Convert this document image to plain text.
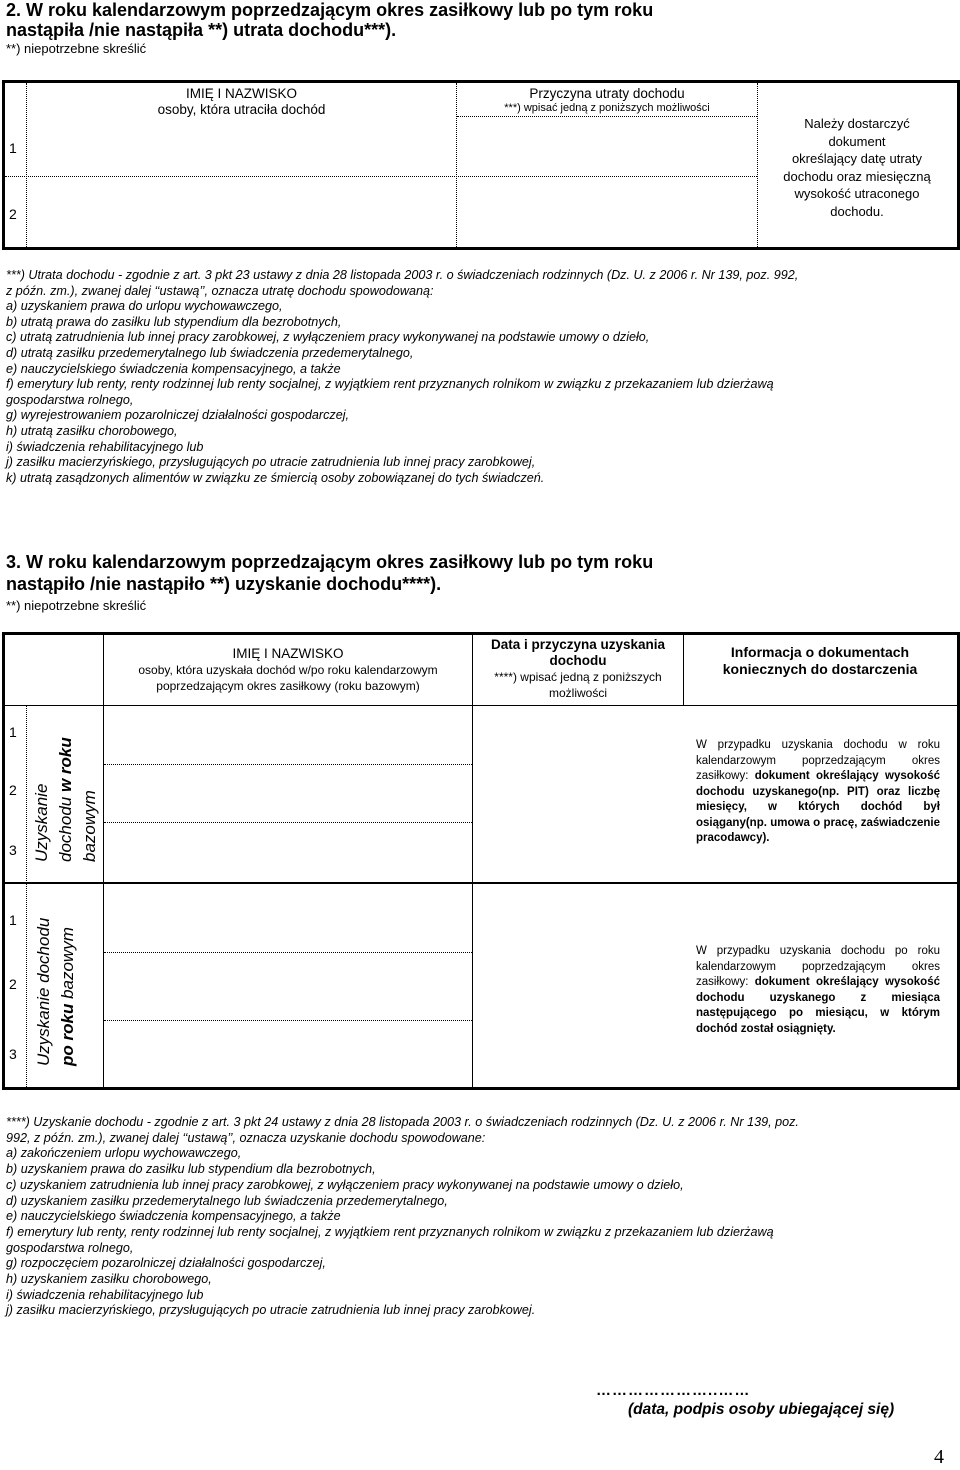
2. W roku kalendarzowym poprzedzającym okres zasiłkowy lub po tym roku
nastąpiła /nie nastąpiła **) utrata dochodu***).
**) niepotrzebne skreślić
IMIĘ I NAZWISKO
osoby, która utraciła dochód
Przyczyna utraty dochodu
***) wpisać jedną z poniższych możliwości
Należy dostarczyć
dokument
określający datę utraty
dochodu oraz miesięczną
wysokość utraconego
dochodu.
1
2
***) Utrata dochodu - zgodnie z art. 3 pkt 23 ustawy z dnia 28 listopada 2003 r. o świadczeniach rodzinnych (Dz. U. z 2006 r. Nr 139, poz. 992,
z późn. zm.), zwanej dalej ‘‘ustawą’’, oznacza utratę dochodu spowodowaną:
a) uzyskaniem prawa do urlopu wychowawczego,
b) utratą prawa do zasiłku lub stypendium dla bezrobotnych,
c) utratą zatrudnienia lub innej pracy zarobkowej, z wyłączeniem pracy wykonywanej na podstawie umowy o dzieło,
d) utratą zasiłku przedemerytalnego lub świadczenia przedemerytalnego,
e) nauczycielskiego świadczenia kompensacyjnego, a także
f) emerytury lub renty, renty rodzinnej lub renty socjalnej, z wyjątkiem rent przyznanych rolnikom w związku z przekazaniem lub dzierżawą
gospodarstwa rolnego,
g) wyrejestrowaniem pozarolniczej działalności gospodarczej,
h) utratą zasiłku chorobowego,
i) świadczenia rehabilitacyjnego lub
j) zasiłku macierzyńskiego, przysługujących po utracie zatrudnienia lub innej pracy zarobkowej,
k) utratą zasądzonych alimentów w związku ze śmiercią osoby zobowiązanej do tych świadczeń.
3. W roku kalendarzowym poprzedzającym okres zasiłkowy lub po tym roku
nastąpiło /nie nastąpiło **) uzyskanie dochodu****).
**) niepotrzebne skreślić
IMIĘ I NAZWISKO
osoby, która uzyskała dochód w/po roku kalendarzowym
poprzedzającym okres zasiłkowy (roku bazowym)
Data i przyczyna uzyskania
dochodu
****) wpisać jedną z poniższych
możliwości
Informacja o dokumentach
koniecznych do dostarczenia
1
2
3 Uzyskanie dochodu w roku
bazowym
W przypadku uzyskania dochodu w roku kalendarzowym poprzedzającym okres zasiłkowy: dokument określający wysokość dochodu uzyskanego(np. PIT) oraz liczbę miesięcy, w których dochód był osiągany(np. umowa o pracę, zaświadczenie pracodawcy).
1
2
3 Uzyskanie dochodu po roku bazowym	W przypadku uzyskania dochodu po roku kalendarzowym poprzedzającym okres zasiłkowy: dokument określający wysokość dochodu uzyskanego z miesiąca następującego po miesiącu, w którym dochód został osiągnięty.
****) Uzyskanie dochodu - zgodnie z art. 3 pkt 24 ustawy z dnia 28 listopada 2003 r. o świadczeniach rodzinnych (Dz. U. z 2006 r. Nr 139, poz.
992, z późn. zm.), zwanej dalej ‘‘ustawą’’, oznacza uzyskanie dochodu spowodowane:
a) zakończeniem urlopu wychowawczego,
b) uzyskaniem prawa do zasiłku lub stypendium dla bezrobotnych,
c) uzyskaniem zatrudnienia lub innej pracy zarobkowej, z wyłączeniem pracy wykonywanej na podstawie umowy o dzieło,
d) uzyskaniem zasiłku przedemerytalnego lub świadczenia przedemerytalnego,
e) nauczycielskiego świadczenia kompensacyjnego, a także
f) emerytury lub renty, renty rodzinnej lub renty socjalnej, z wyjątkiem rent przyznanych rolnikom w związku z przekazaniem lub dzierżawą
gospodarstwa rolnego,
g) rozpoczęciem pozarolniczej działalności gospodarczej,
h) uzyskaniem zasiłku chorobowego,
i) świadczenia rehabilitacyjnego lub
j) zasiłku macierzyńskiego, przysługujących po utracie zatrudnienia lub innej pracy zarobkowej.
…………………..……
(data, podpis osoby ubiegającej się)
4
